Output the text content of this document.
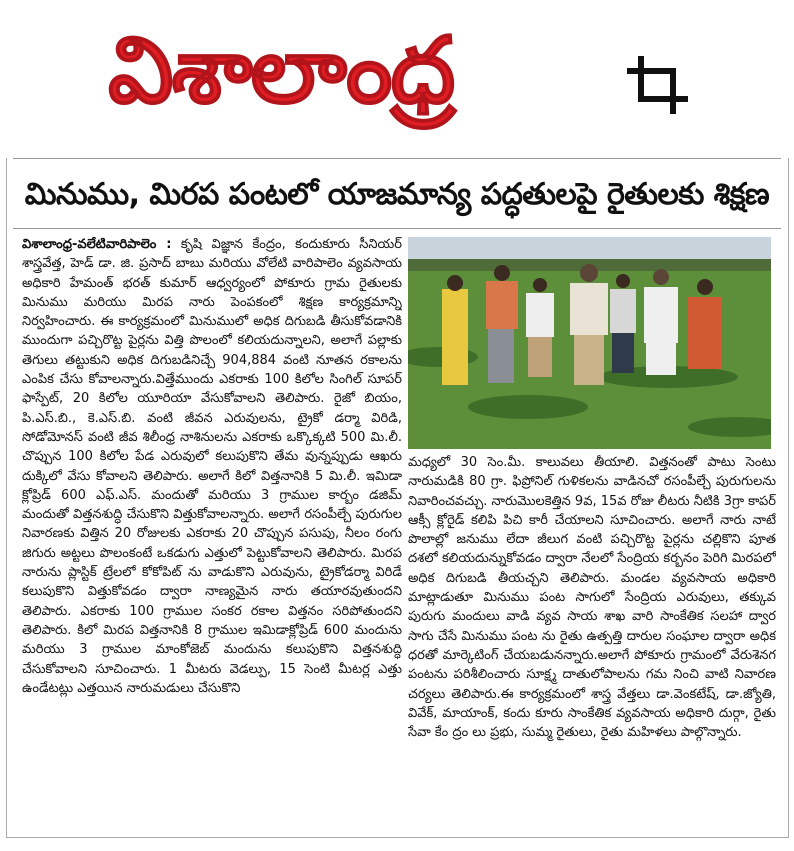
విశాలాంధ్ర
మినుము, మిరప పంటలో యాజమాన్య పద్ధతులపై రైతులకు శిక్షణ
విశాలాంధ్ర-వలేటివారిపాలెం : కృషి విజ్ఞాన కేంద్రం, కందుకూరు సీనియర్ శాస్త్రవేత్త, హెడ్ డా. జి. ప్రసాద్ బాబు మరియు వోలేటి వారిపాలెం వ్యవసాయ అధికారి హేమంత్ భరత్ కుమార్ ఆధ్వర్యంలో పోకూరు గ్రామ రైతులకు మినుము మరియు మిరప నారు పెంపకంలో శిక్షణ కార్యక్రమాన్ని నిర్వహించారు. ఈ కార్యక్రమంలో మినుములో అధిక దిగుబడి తీసుకోవడానికి ముందుగా పచ్చిరొట్ట పైర్లను విత్తి పొలంలో కలియదున్నాలని, అలాగే పల్లాకు తెగులు తట్టుకుని అధిక దిగుబడినిచ్చే 904,884 వంటి నూతన రకాలను ఎంపిక చేసు కోవాలన్నారు.విత్తేముందు ఎకరాకు 100 కిలోల సింగిల్ సూపర్ ఫాస్పేట్, 20 కిలోల యూరియా వేసుకోవాలని తెలిపారు. రైజో బియం, పి.ఎస్.బి., కె.ఎస్.బి. వంటి జీవన ఎరువులను, ట్రైకో డర్మా విరిడి, సోడోమోనస్ వంటి జీవ శిలీంధ్ర నాశినులను ఎకరాకు ఒక్కొక్కటి 500 మి.లీ. చొప్పున 100 కిలోల పేడ ఎరువులో కలుపుకొని తేమ వున్నప్పుడు ఆఖరు దుక్కిలో వేసు కోవాలని తెలిపారు. అలాగే కిలో విత్తనానికి 5 మి.లీ. ఇమిడా క్లోప్రిడ్ 600 ఎఫ్.ఎస్. మందుతో మరియు 3 గ్రాముల కార్బం డజిమ్ మందుతో విత్తనశుద్ధి చేసుకొని విత్తుకోవాలన్నారు. అలాగే రసంపీల్చే పురుగుల నివారణకు విత్తిన 20 రోజులకు ఎకరాకు 20 చొప్పున పసుపు, నీలం రంగు జిగురు అట్టలు పొలంకంటే ఒకడుగు ఎత్తులో పెట్టుకోవాలని తెలిపారు. మిరప నారును ప్లాస్టిక్ ట్రేలలో కోకోపిట్ ను వాడుకొని ఎరువును, ట్రైకోడర్మా విరిడే కలుపుకొని విత్తుకోవడం ద్వారా నాణ్యమైన నారు తయారవుతుందని తెలిపారు. ఎకరాకు 100 గ్రాముల సంకర రకాల విత్తనం సరిపోతుందని తెలిపారు. కిలో మిరప విత్తనానికి 8 గ్రాముల ఇమిడాక్లోప్రిడ్ 600 మందును మరియు 3 గ్రాముల మాంకోజెబ్ మందును కలుపుకొని విత్తనశుద్ధి చేసుకోవాలని సూచించారు. 1 మీటరు వెడల్పు, 15 సెంటి మీటర్ల ఎత్తు ఉండేటట్లు ఎత్తయిన నారుమడులు చేసుకొని
మధ్యలో 30 సెం.మీ. కాలువలు తీయాలి. విత్తనంతో పాటు సెంటు నారుమడికి 80 గ్రా. ఫిప్రోనిల్ గుళికలను వాడినచో రసంపీల్చే పురుగులను నివారించవచ్చు. నారుమొలకెత్తిన 9వ, 15వ రోజు లీటరు నీటికి 3గ్రా కాపర్ ఆక్సీ క్లోరైడ్ కలిపి పిచి కారీ చేయాలని సూచించారు. అలాగే నారు నాటే పొలాల్లో జనుము లేదా జీలుగ వంటి పచ్చిరొట్ట పైర్లను చల్లికొని పూత దశలో కలియదున్నుకోవడం ద్వారా నేలలో సేంద్రియ కర్బనం పెరిగి మిరపలో అధిక దిగుబడి తీయచ్చని తెలిపారు. మండల వ్యవసాయ అధికారి మాట్లాడుతూ మినుము పంట సాగులో సేంద్రియ ఎరువులు, తక్కువ పురుగు మందులు వాడి వ్యవ సాయ శాఖ వారి సాంకేతిక సలహా ద్వార సాగు చేసే మినుము పంట ను రైతు ఉత్పత్తి దారుల సంఘాల ద్వారా అధిక ధరతో మార్కెటింగ్ చేయబడునన్నారు.అలాగే పోకూరు గ్రామంలో వేరుశెనగ పంటను పరిశీలించారు సూక్ష్మ దాతులోపాలను గమ నించి వాటి నివారణ చర్యలు తెలిపారు.ఈ కార్యక్రమంలో శాస్త్ర వేత్తలు డా.వెంకటేష్, డా.జ్యోతి, వివేక్, మాయాంక్, కందు కూరు సాంకేతిక వ్యవసాయ అధికారి దుర్గా, రైతు సేవా కేం ద్రం లు ప్రభు, సుమ్మ రైతులు, రైతు మహిళలు పాల్గొన్నారు.
